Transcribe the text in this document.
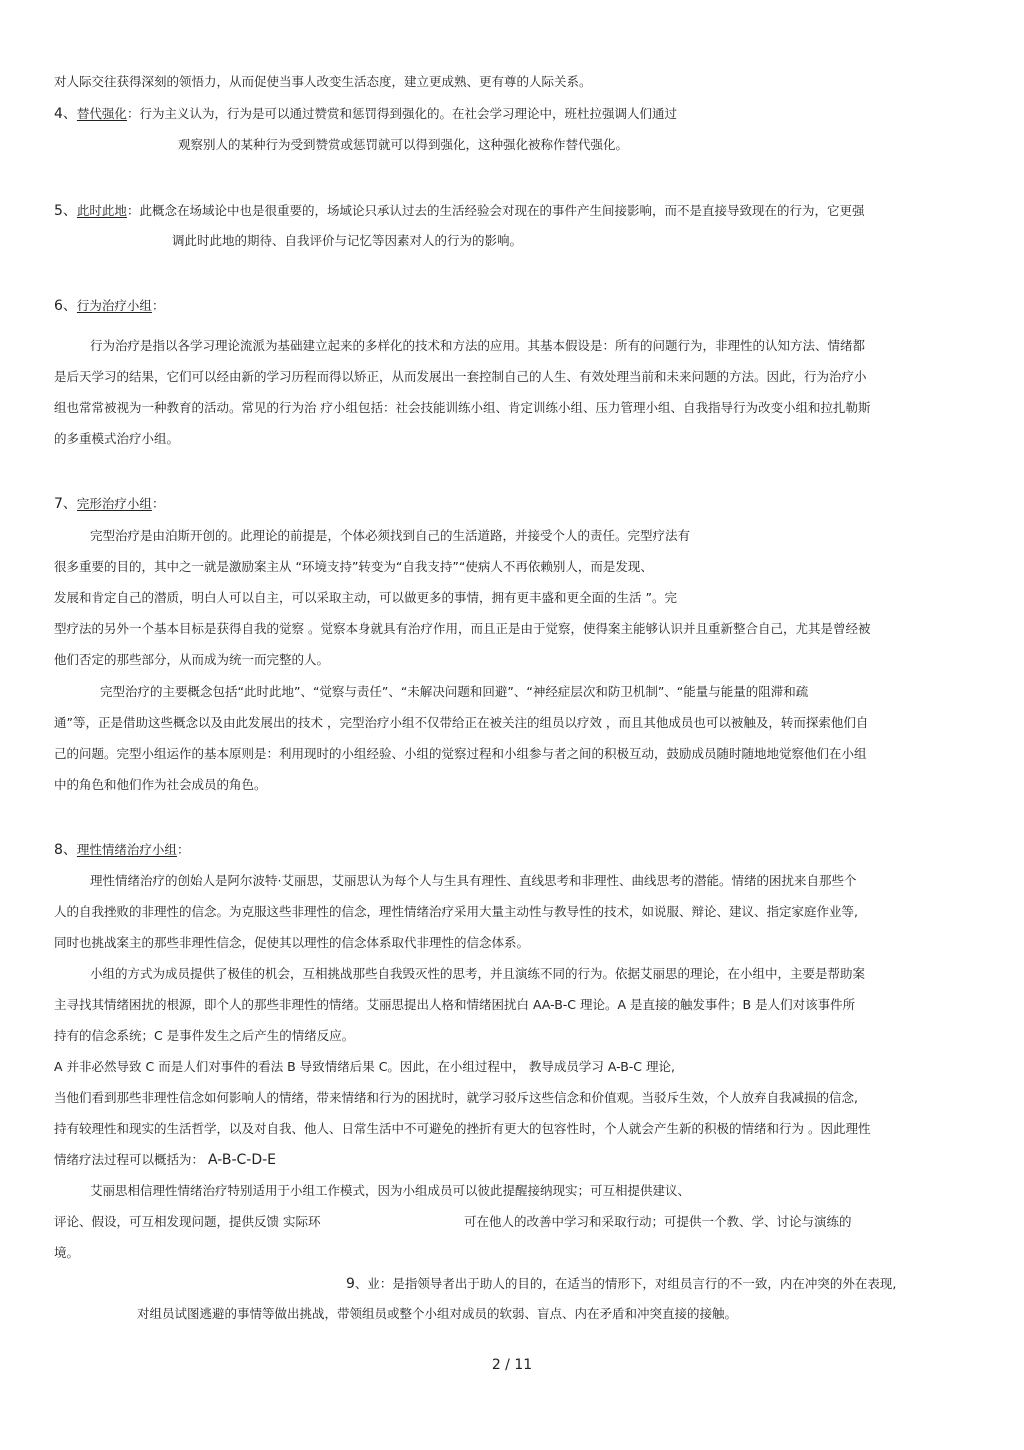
对人际交往获得深刻的领悟力，从而促使当事人改变生活态度，建立更成熟、更有尊的人际关系。
4、替代强化：行为主义认为，行为是可以通过赞赏和惩罚得到强化的。在社会学习理论中，班杜拉强调人们通过
观察别人的某种行为受到赞赏或惩罚就可以得到强化，这种强化被称作替代强化。
5、此时此地：此概念在场域论中也是很重要的，场域论只承认过去的生活经验会对现在的事件产生间接影响，而不是直接导致现在的行为，它更强
调此时此地的期待、自我评价与记忆等因素对人的行为的影响。
6、行为治疗小组：
行为治疗是指以各学习理论流派为基础建立起来的多样化的技术和方法的应用。其基本假设是：所有的问题行为，非理性的认知方法、情绪都
是后天学习的结果，它们可以经由新的学习历程而得以矫正，从而发展出一套控制自己的人生、有效处理当前和未来问题的方法。因此，行为治疗小
组也常常被视为一种教育的活动。常见的行为治 疗小组包括：社会技能训练小组、肯定训练小组、压力管理小组、自我指导行为改变小组和拉扎勒斯
的多重模式治疗小组。
7、完形治疗小组：
完型治疗是由泊斯开创的。此理论的前提是，个体必须找到自己的生活道路，并接受个人的责任。完型疗法有
很多重要的目的，其中之一就是激励案主从 “环境支持”转变为“自我支持”“使病人不再依赖别人，而是发现、
发展和肯定自己的潜质，明白人可以自主，可以采取主动，可以做更多的事情，拥有更丰盛和更全面的生活 ”。完
型疗法的另外一个基本目标是获得自我的觉察 。觉察本身就具有治疗作用，而且正是由于觉察，使得案主能够认识并且重新整合自己，尤其是曾经被
他们否定的那些部分，从而成为统一而完整的人。
完型治疗的主要概念包括“此时此地”、“觉察与责任”、“未解决问题和回避”、“神经症层次和防卫机制”、“能量与能量的阻滞和疏
通”等，正是借助这些概念以及由此发展出的技术 ，完型治疗小组不仅带给正在被关注的组员以疗效 ，而且其他成员也可以被触及，转而探索他们自
己的问题。完型小组运作的基本原则是：利用现时的小组经验、小组的觉察过程和小组参与者之间的积极互动，鼓励成员随时随地地觉察他们在小组
中的角色和他们作为社会成员的角色。
8、理性情绪治疗小组：
理性情绪治疗的创始人是阿尔波特·艾丽思，艾丽思认为每个人与生具有理性、直线思考和非理性、曲线思考的潜能。情绪的困扰来自那些个
人的自我挫败的非理性的信念。为克服这些非理性的信念，理性情绪治疗采用大量主动性与教导性的技术，如说服、辩论、建议、指定家庭作业等,
同时也挑战案主的那些非理性信念，促使其以理性的信念体系取代非理性的信念体系。
小组的方式为成员提供了极佳的机会，互相挑战那些自我毁灭性的思考，并且演练不同的行为。依据艾丽思的理论，在小组中，主要是帮助案
主寻找其情绪困扰的根源，即个人的那些非理性的情绪。艾丽思提出人格和情绪困扰白 AA-B-C 理论。A 是直接的触发事件；B 是人们对该事件所
持有的信念系统；C 是事件发生之后产生的情绪反应。
A 并非必然导致 C 而是人们对事件的看法 B 导致情绪后果 C。因此，在小组过程中， 教导成员学习 A-B-C 理论,
当他们看到那些非理性信念如何影响人的情绪，带来情绪和行为的困扰时，就学习驳斥这些信念和价值观。当驳斥生效，个人放弃自我减损的信念,
持有较理性和现实的生活哲学，以及对自我、他人、日常生活中不可避免的挫折有更大的包容性时，个人就会产生新的积极的情绪和行为 。因此理性
情绪疗法过程可以概括为： A-B-C-D-E
艾丽思相信理性情绪治疗特别适用于小组工作模式，因为小组成员可以彼此提醒接纳现实；可互相提供建议、
评论、假设，可互相发现问题，提供反馈 实际环	可在他人的改善中学习和采取行动；可提供一个教、学、讨论与演练的
境。
9、业：是指领导者出于助人的目的，在适当的情形下，对组员言行的不一致，内在冲突的外在表现,
对组员试图逃避的事情等做出挑战，带领组员或整个小组对成员的软弱、盲点、内在矛盾和冲突直接的接触。
2 / 11
